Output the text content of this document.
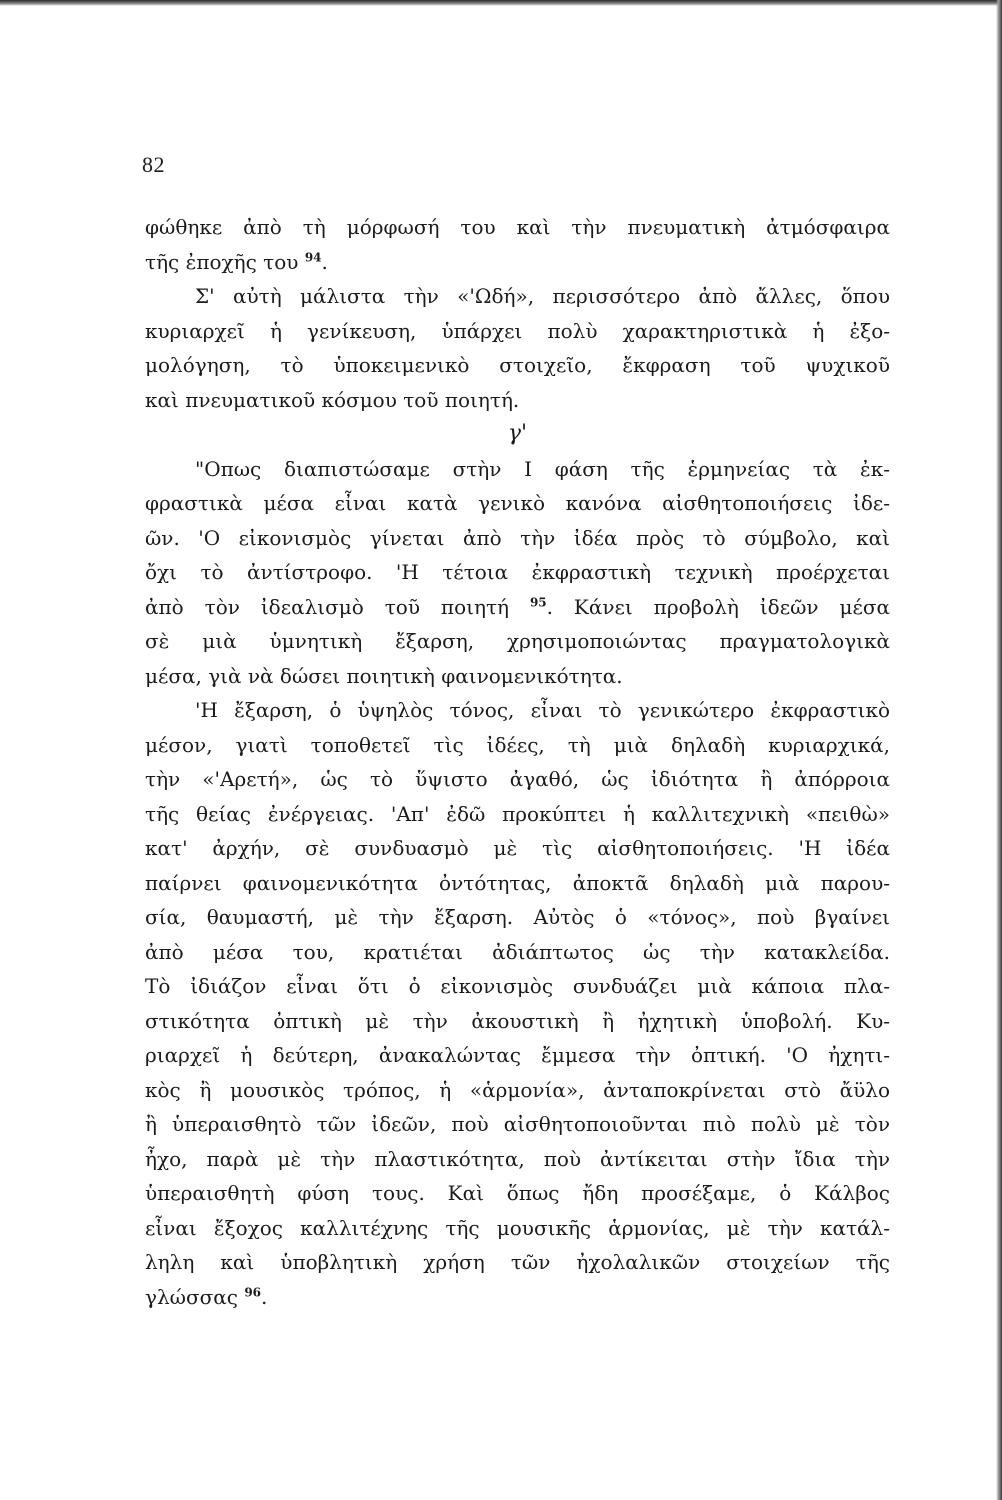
82
φώθηκε ἀπὸ τὴ μόρφωσή του καὶ τὴν πνευματικὴ ἀτμόσφαιρα
τῆς ἐποχῆς του $^{94}$.
Σ' αὐτὴ μάλιστα τὴν «'Ωδή», περισσότερο ἀπὸ ἄλλες, ὅπου
κυριαρχεῖ ἡ γενίκευση, ὑπάρχει πολὺ χαρακτηριστικὰ ἡ ἐξο-
μολόγηση, τὸ ὑποκειμενικὸ στοιχεῖο, ἔκφραση τοῦ ψυχικοῦ
καὶ πνευματικοῦ κόσμου τοῦ ποιητή.
γ'
"Οπως διαπιστώσαμε στὴν I φάση τῆς ἑρμηνείας τὰ ἐκ-
φραστικὰ μέσα εἶναι κατὰ γενικὸ κανόνα αἰσθητοποιήσεις ἰδε-
ῶν. 'Ο εἰκονισμὸς γίνεται ἀπὸ τὴν ἰδέα πρὸς τὸ σύμβολο, καὶ
ὄχι τὸ ἀντίστροφο. 'Η τέτοια ἐκφραστικὴ τεχνικὴ προέρχεται
ἀπὸ τὸν ἰδεαλισμὸ τοῦ ποιητή $^{95}$. Κάνει προβολὴ ἰδεῶν μέσα
σὲ μιὰ ὑμνητικὴ ἔξαρση, χρησιμοποιώντας πραγματολογικὰ
μέσα, γιὰ νὰ δώσει ποιητικὴ φαινομενικότητα.
'Η ἔξαρση, ὁ ὑψηλὸς τόνος, εἶναι τὸ γενικώτερο ἐκφραστικὸ
μέσον, γιατὶ τοποθετεῖ τὶς ἰδέες, τὴ μιὰ δηλαδὴ κυριαρχικά,
τὴν «'Αρετή», ὡς τὸ ὕψιστο ἀγαθό, ὡς ἰδιότητα ἢ ἀπόρροια
τῆς θείας ἐνέργειας. 'Απ' ἐδῶ προκύπτει ἡ καλλιτεχνικὴ «πειθὼ»
κατ' ἀρχήν, σὲ συνδυασμὸ μὲ τὶς αἰσθητοποιήσεις. 'Η ἰδέα
παίρνει φαινομενικότητα ὀντότητας, ἀποκτᾶ δηλαδὴ μιὰ παρου-
σία, θαυμαστή, μὲ τὴν ἔξαρση. Αὐτὸς ὁ «τόνος», ποὺ βγαίνει
ἀπὸ μέσα του, κρατιέται ἀδιάπτωτος ὡς τὴν κατακλείδα.
Τὸ ἰδιάζον εἶναι ὅτι ὁ εἰκονισμὸς συνδυάζει μιὰ κάποια πλα-
στικότητα ὀπτικὴ μὲ τὴν ἀκουστικὴ ἢ ἠχητικὴ ὑποβολή. Κυ-
ριαρχεῖ ἡ δεύτερη, ἀνακαλώντας ἔμμεσα τὴν ὀπτική. 'Ο ἠχητι-
κὸς ἢ μουσικὸς τρόπος, ἡ «ἁρμονία», ἀνταποκρίνεται στὸ ἄϋλο
ἢ ὑπεραισθητὸ τῶν ἰδεῶν, ποὺ αἰσθητοποιοῦνται πιὸ πολὺ μὲ τὸν
ἦχο, παρὰ μὲ τὴν πλαστικότητα, ποὺ ἀντίκειται στὴν ἴδια τὴν
ὑπεραισθητὴ φύση τους. Καὶ ὅπως ἤδη προσέξαμε, ὁ Κάλβος
εἶναι ἔξοχος καλλιτέχνης τῆς μουσικῆς ἁρμονίας, μὲ τὴν κατάλ-
ληλη καὶ ὑποβλητικὴ χρήση τῶν ἠχολαλικῶν στοιχείων τῆς
γλώσσας $^{96}$.
